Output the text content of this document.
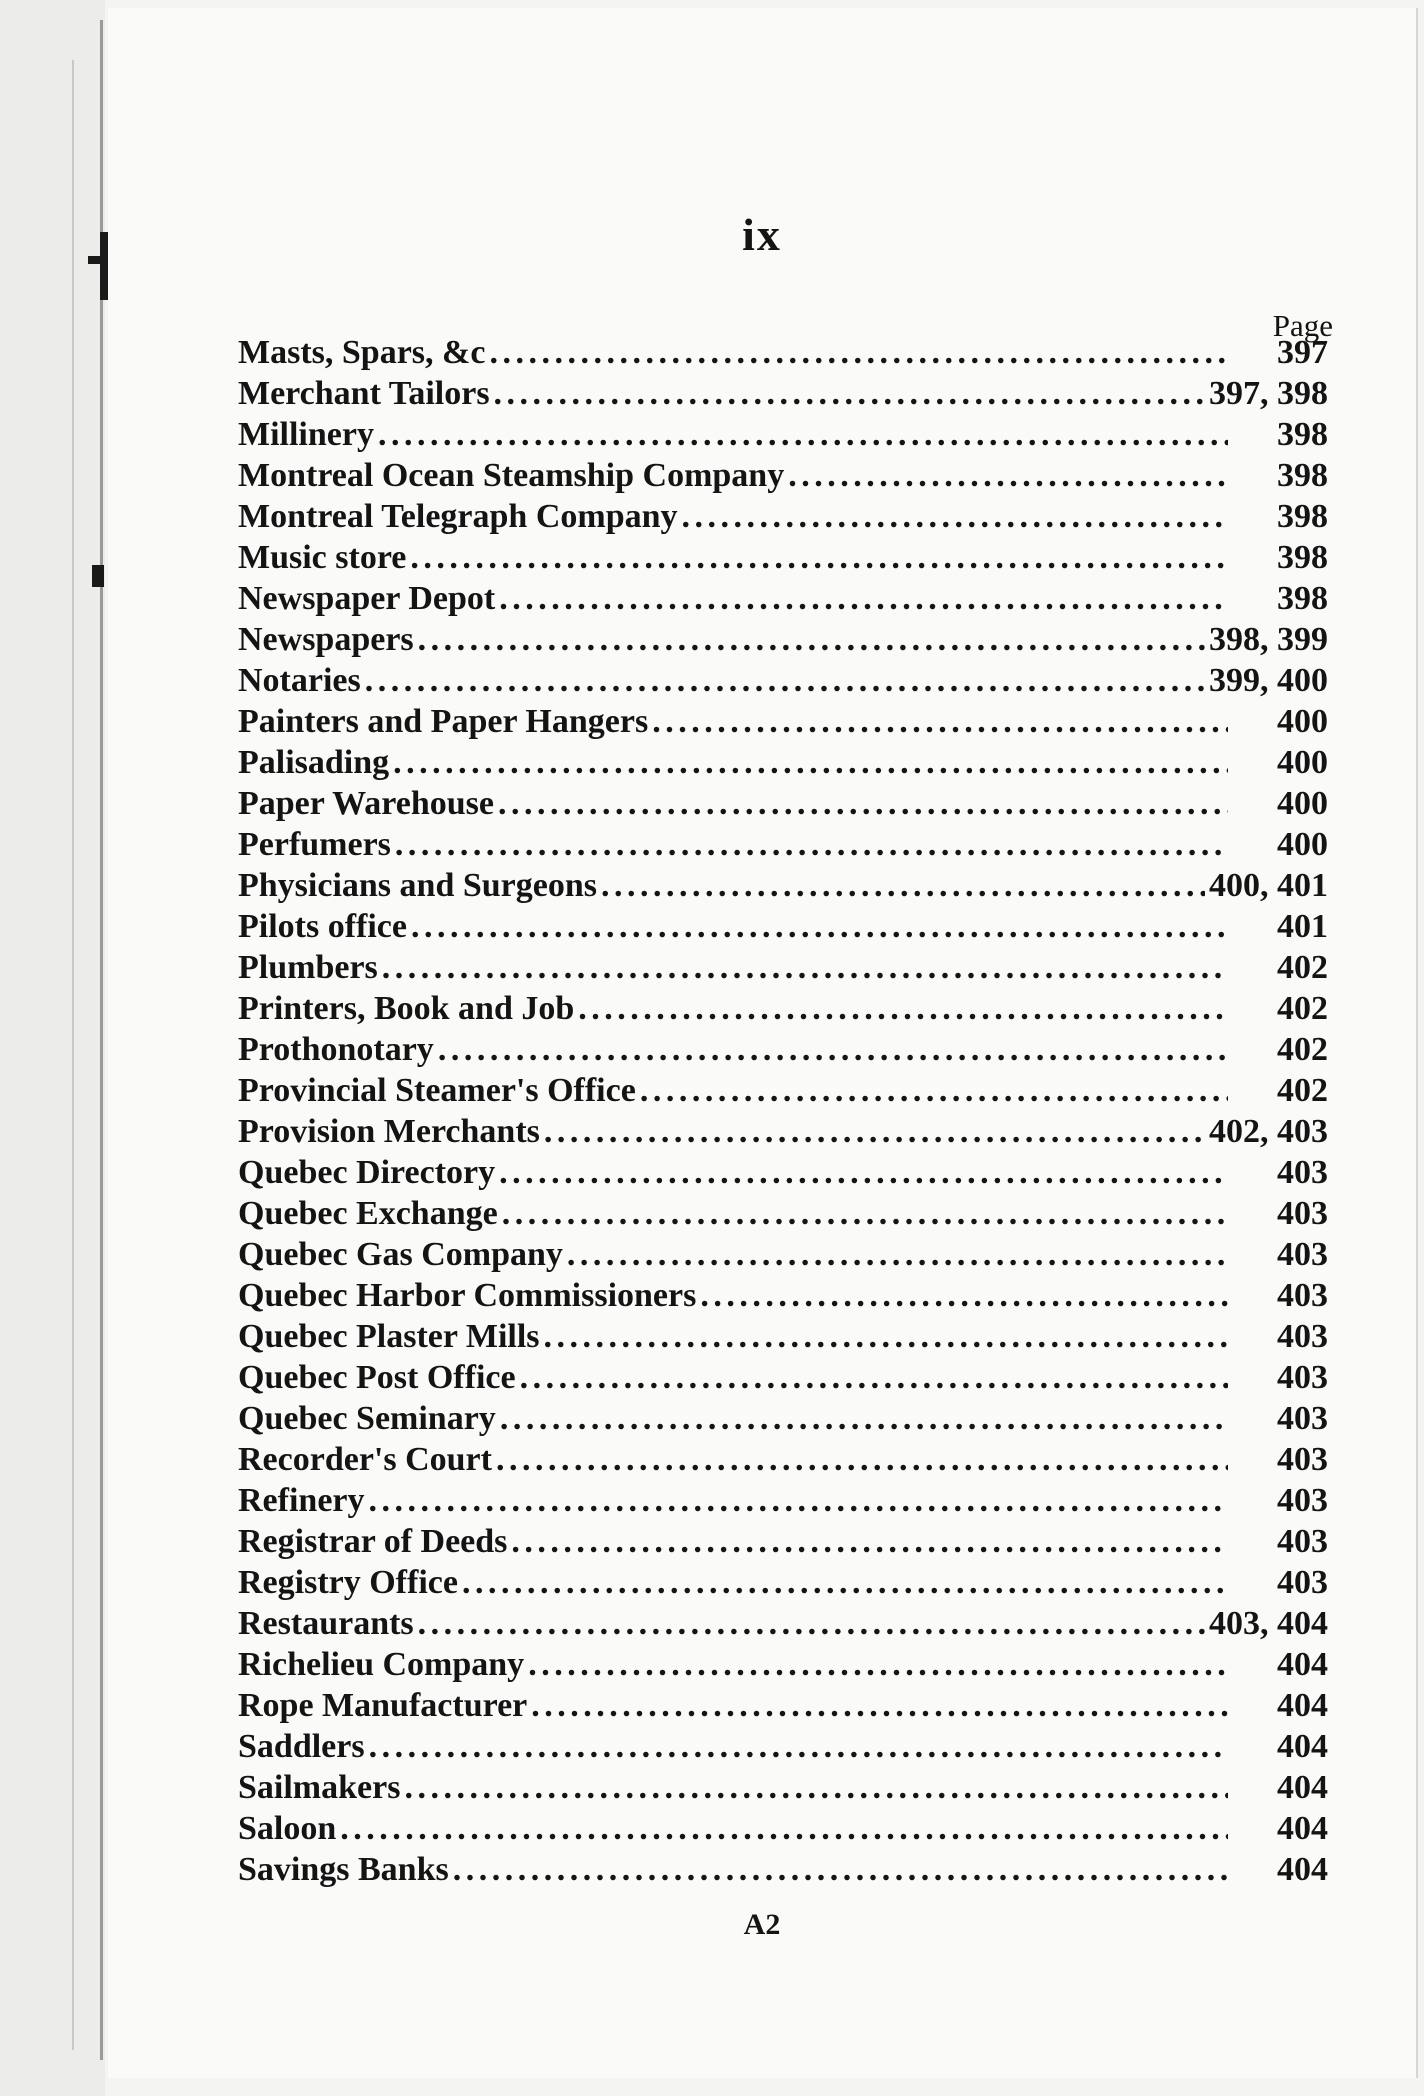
ix
Page
Masts, Spars, &c . . .	397
Merchant Tailors . . .	397, 398
Millinery . . .	398
Montreal Ocean Steamship Company . . .	398
Montreal Telegraph Company . . .	398
Music store . . .	398
Newspaper Depot . . .	398
Newspapers . . .	398, 399
Notaries . . .	399, 400
Painters and Paper Hangers . . .	400
Palisading . . .	400
Paper Warehouse . . .	400
Perfumers . . .	400
Physicians and Surgeons . . .	400, 401
Pilots office . . .	401
Plumbers . . .	402
Printers, Book and Job . . .	402
Prothonotary . . .	402
Provincial Steamer's Office . . .	402
Provision Merchants . . .	402, 403
Quebec Directory . . .	403
Quebec Exchange . . .	403
Quebec Gas Company . . .	403
Quebec Harbor Commissioners . . .	403
Quebec Plaster Mills . . .	403
Quebec Post Office . . .	403
Quebec Seminary . . .	403
Recorder's Court . . .	403
Refinery . . .	403
Registrar of Deeds . . .	403
Registry Office . . .	403
Restaurants . . .	403, 404
Richelieu Company . . .	404
Rope Manufacturer . . .	404
Saddlers . . .	404
Sailmakers . . .	404
Saloon . . .	404
Savings Banks . . .	404
A2
